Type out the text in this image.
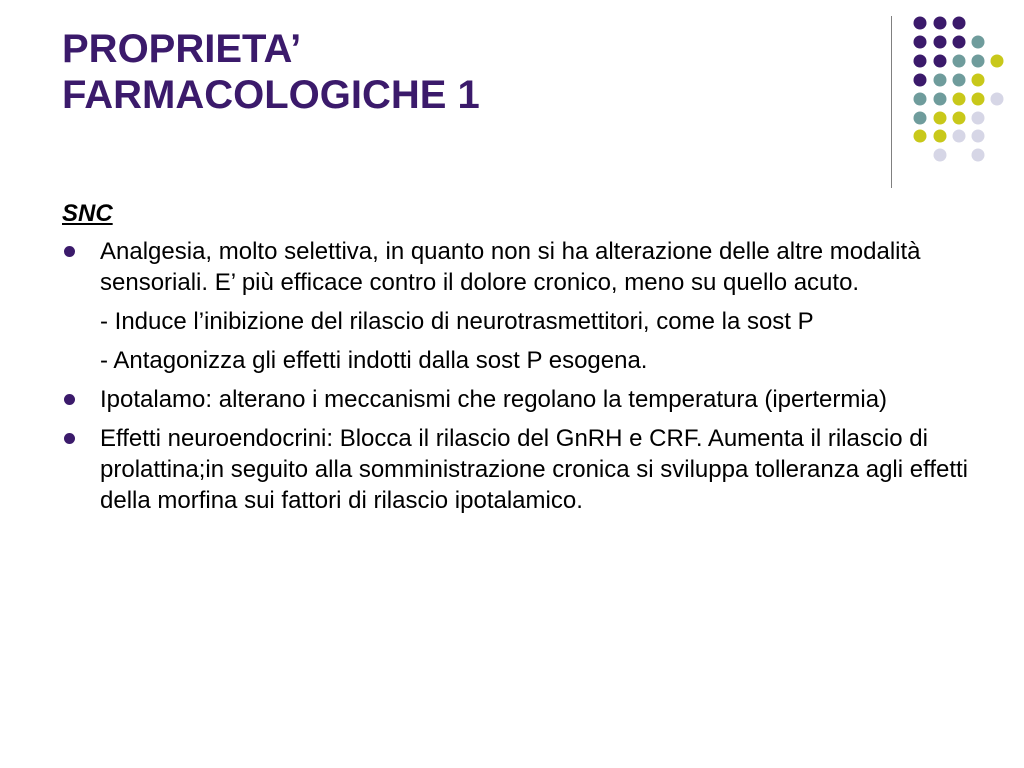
PROPRIETA’
FARMACOLOGICHE 1
SNC
Analgesia, molto selettiva, in quanto non si ha alterazione delle altre modalità sensoriali. E’ più efficace contro il dolore cronico, meno su quello acuto.
- Induce l’inibizione del rilascio di neurotrasmettitori, come la sost P
- Antagonizza gli effetti indotti dalla sost P esogena.
Ipotalamo: alterano i meccanismi che regolano la temperatura (ipertermia)
Effetti neuroendocrini: Blocca il rilascio del GnRH e CRF. Aumenta il rilascio di prolattina;in seguito alla somministrazione cronica si sviluppa tolleranza agli effetti della morfina sui fattori di rilascio ipotalamico.
